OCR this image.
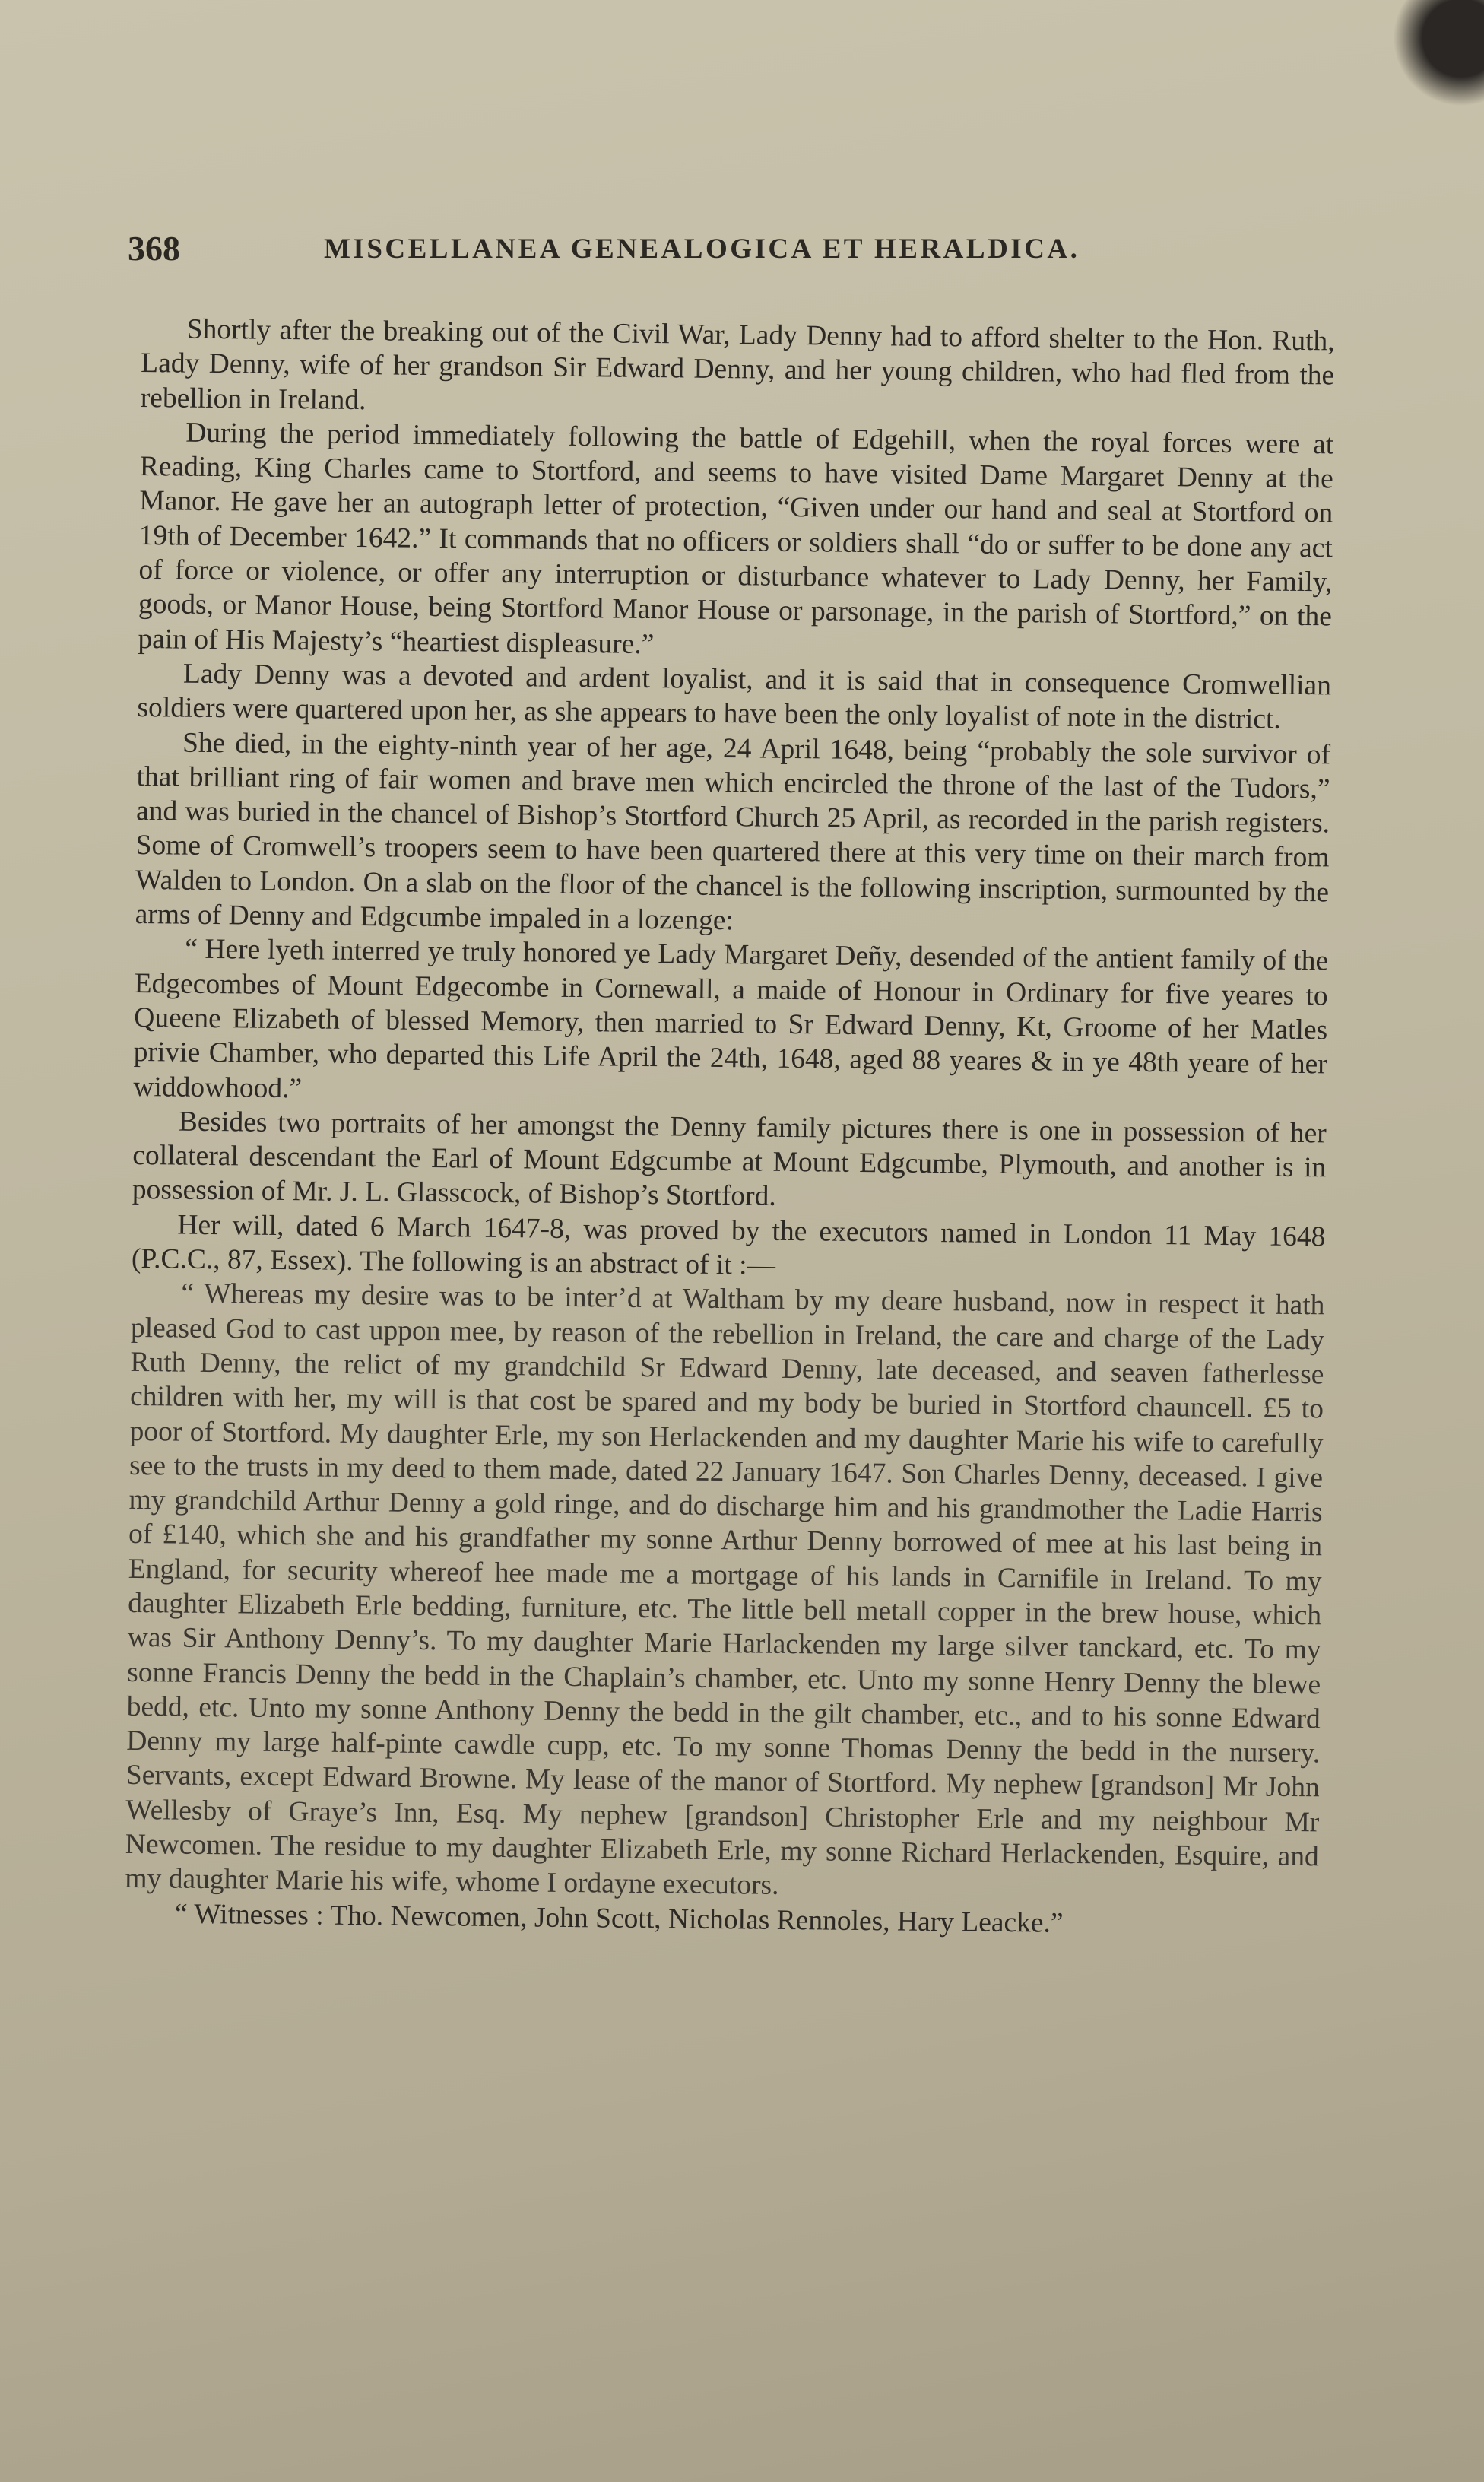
368	MISCELLANEA GENEALOGICA ET HERALDICA.

Shortly after the breaking out of the Civil War, Lady Denny had to afford shelter to the Hon. Ruth, Lady Denny, wife of her grandson Sir Edward Denny, and her young children, who had fled from the rebellion in Ireland.

During the period immediately following the battle of Edgehill, when the royal forces were at Reading, King Charles came to Stortford, and seems to have visited Dame Margaret Denny at the Manor. He gave her an autograph letter of protection, “Given under our hand and seal at Stortford on 19th of December 1642.” It commands that no officers or soldiers shall “do or suffer to be done any act of force or violence, or offer any interruption or disturbance whatever to Lady Denny, her Family, goods, or Manor House, being Stortford Manor House or parsonage, in the parish of Stortford,” on the pain of His Majesty’s “heartiest displeasure.”

Lady Denny was a devoted and ardent loyalist, and it is said that in consequence Cromwellian soldiers were quartered upon her, as she appears to have been the only loyalist of note in the district.

She died, in the eighty-ninth year of her age, 24 April 1648, being “probably the sole survivor of that brilliant ring of fair women and brave men which encircled the throne of the last of the Tudors,” and was buried in the chancel of Bishop’s Stortford Church 25 April, as recorded in the parish registers. Some of Cromwell’s troopers seem to have been quartered there at this very time on their march from Walden to London. On a slab on the floor of the chancel is the following inscription, surmounted by the arms of Denny and Edgcumbe impaled in a lozenge:

“ Here lyeth interred ye truly honored ye Lady Margaret Deñy, desended of the antient family of the Edgecombes of Mount Edgecombe in Cornewall, a maide of Honour in Ordinary for five yeares to Queene Elizabeth of blessed Memory, then married to Sr Edward Denny, Kt, Groome of her Matles privie Chamber, who departed this Life April the 24th, 1648, aged 88 yeares & in ye 48th yeare of her widdowhood.”

Besides two portraits of her amongst the Denny family pictures there is one in possession of her collateral descendant the Earl of Mount Edgcumbe at Mount Edgcumbe, Plymouth, and another is in possession of Mr. J. L. Glasscock, of Bishop’s Stortford.

Her will, dated 6 March 1647-8, was proved by the executors named in London 11 May 1648 (P.C.C., 87, Essex). The following is an abstract of it :—

“ Whereas my desire was to be inter’d at Waltham by my deare husband, now in respect it hath pleased God to cast uppon mee, by reason of the rebellion in Ireland, the care and charge of the Lady Ruth Denny, the relict of my grandchild Sr Edward Denny, late deceased, and seaven fatherlesse children with her, my will is that cost be spared and my body be buried in Stortford chauncell. £5 to poor of Stortford. My daughter Erle, my son Herlackenden and my daughter Marie his wife to carefully see to the trusts in my deed to them made, dated 22 January 1647. Son Charles Denny, deceased. I give my grandchild Arthur Denny a gold ringe, and do discharge him and his grandmother the Ladie Harris of £140, which she and his grandfather my sonne Arthur Denny borrowed of mee at his last being in England, for security whereof hee made me a mortgage of his lands in Carnifile in Ireland. To my daughter Elizabeth Erle bedding, furniture, etc. The little bell metall copper in the brew house, which was Sir Anthony Denny’s. To my daughter Marie Harlackenden my large silver tanckard, etc. To my sonne Francis Denny the bedd in the Chaplain’s chamber, etc. Unto my sonne Henry Denny the blewe bedd, etc. Unto my sonne Anthony Denny the bedd in the gilt chamber, etc., and to his sonne Edward Denny my large half-pinte cawdle cupp, etc. To my sonne Thomas Denny the bedd in the nursery. Servants, except Edward Browne. My lease of the manor of Stortford. My nephew [grandson] Mr John Wellesby of Graye’s Inn, Esq. My nephew [grandson] Christopher Erle and my neighbour Mr Newcomen. The residue to my daughter Elizabeth Erle, my sonne Richard Herlackenden, Esquire, and my daughter Marie his wife, whome I ordayne executors.

“ Witnesses : Tho. Newcomen, John Scott, Nicholas Rennoles, Hary Leacke.”
